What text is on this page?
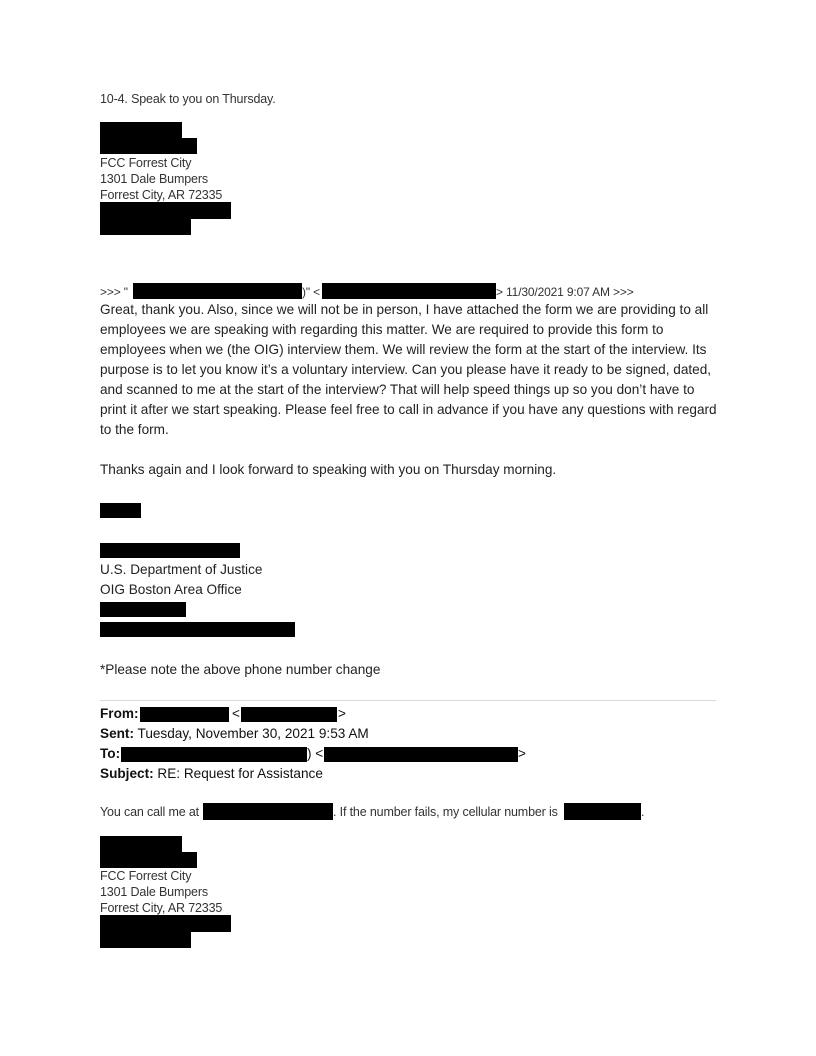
10-4. Speak to you on Thursday.
FCC Forrest City
1301 Dale Bumpers
Forrest City, AR 72335
>>> "	)" <	> 11/30/2021 9:07 AM >>>
Great, thank you. Also, since we will not be in person, I have attached the form we are providing to all employees we are speaking with regarding this matter. We are required to provide this form to employees when we (the OIG) interview them. We will review the form at the start of the interview. Its purpose is to let you know it’s a voluntary interview. Can you please have it ready to be signed, dated, and scanned to me at the start of the interview? That will help speed things up so you don’t have to print it after we start speaking. Please feel free to call in advance if you have any questions with regard to the form.
Thanks again and I look forward to speaking with you on Thursday morning.
U.S. Department of Justice
OIG Boston Area Office
*Please note the above phone number change
From:	<	>
Sent: Tuesday, November 30, 2021 9:53 AM
To:	) <	>
Subject: RE: Request for Assistance
You can call me at	. If the number fails, my cellular number is	.
FCC Forrest City
1301 Dale Bumpers
Forrest City, AR 72335
